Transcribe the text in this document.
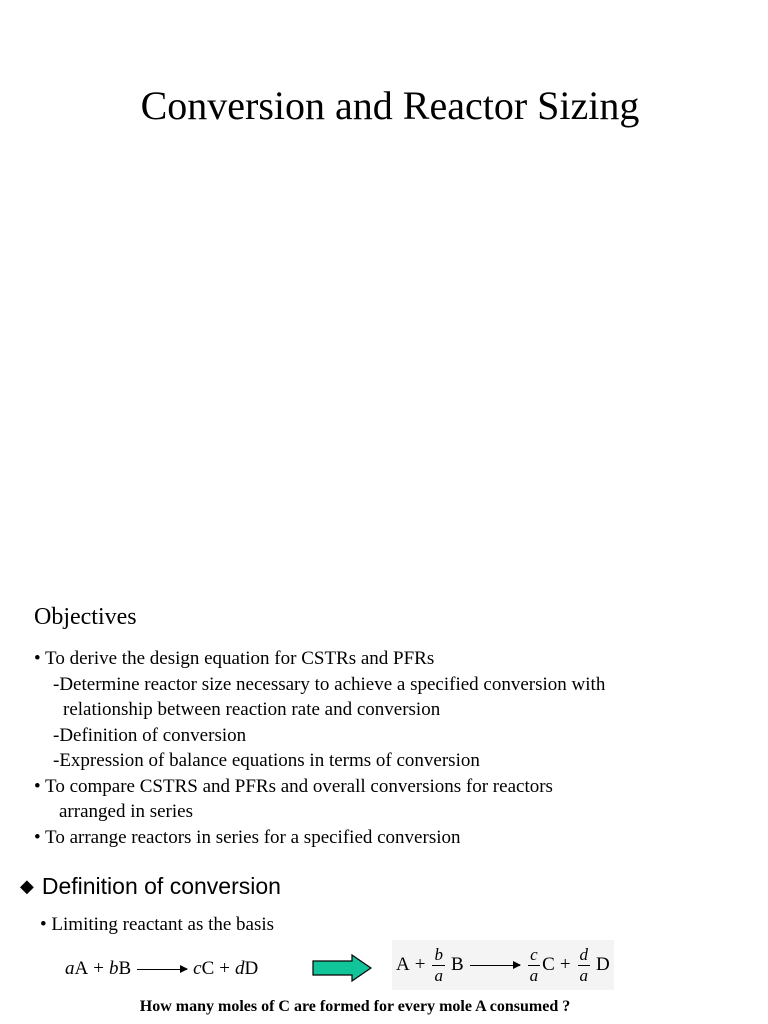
Conversion and Reactor Sizing
Objectives
• To derive the design equation for CSTRs and PFRs
-Determine reactor size necessary to achieve a specified conversion with
relationship between reaction rate and conversion
-Definition of conversion
-Expression of balance equations in terms of conversion
• To compare CSTRS and PFRs and overall conversions for reactors
arranged in series
• To arrange reactors in series for a specified conversion
◆ Definition of conversion
• Limiting reactant as the basis
a A + b B → c C + d D	$A + \frac{b}{a}$ $B \to \frac{c}{a}$ $C + \frac{d}{a}$ D
How many moles of C are formed for every mole A consumed ?
